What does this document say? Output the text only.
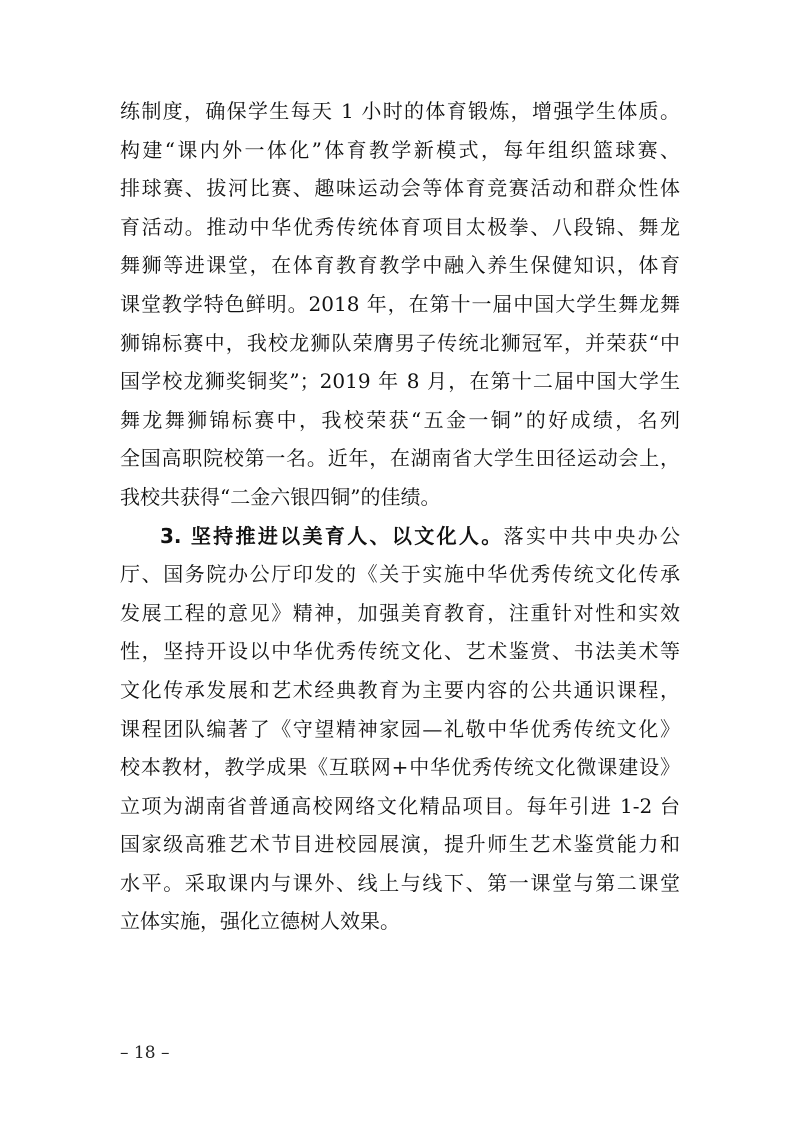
练制度，确保学生每天 1 小时的体育锻炼，增强学生体质。
构建“课内外一体化”体育教学新模式，每年组织篮球赛、
排球赛、拔河比赛、趣味运动会等体育竞赛活动和群众性体
育活动。推动中华优秀传统体育项目太极拳、八段锦、舞龙
舞狮等进课堂，在体育教育教学中融入养生保健知识，体育
课堂教学特色鲜明。2018 年，在第十一届中国大学生舞龙舞
狮锦标赛中，我校龙狮队荣膺男子传统北狮冠军，并荣获“中
国学校龙狮奖铜奖”；2019 年 8 月，在第十二届中国大学生
舞龙舞狮锦标赛中，我校荣获“五金一铜”的好成绩，名列
全国高职院校第一名。近年，在湖南省大学生田径运动会上，
我校共获得“二金六银四铜”的佳绩。
3. 坚持推进以美育人、以文化人。落实中共中央办公
厅、国务院办公厅印发的《关于实施中华优秀传统文化传承
发展工程的意见》精神，加强美育教育，注重针对性和实效
性，坚持开设以中华优秀传统文化、艺术鉴赏、书法美术等
文化传承发展和艺术经典教育为主要内容的公共通识课程，
课程团队编著了《守望精神家园—礼敬中华优秀传统文化》
校本教材，教学成果《互联网+中华优秀传统文化微课建设》
立项为湖南省普通高校网络文化精品项目。每年引进 1-2 台
国家级高雅艺术节目进校园展演，提升师生艺术鉴赏能力和
水平。采取课内与课外、线上与线下、第一课堂与第二课堂
立体实施，强化立德树人效果。
– 18 –
